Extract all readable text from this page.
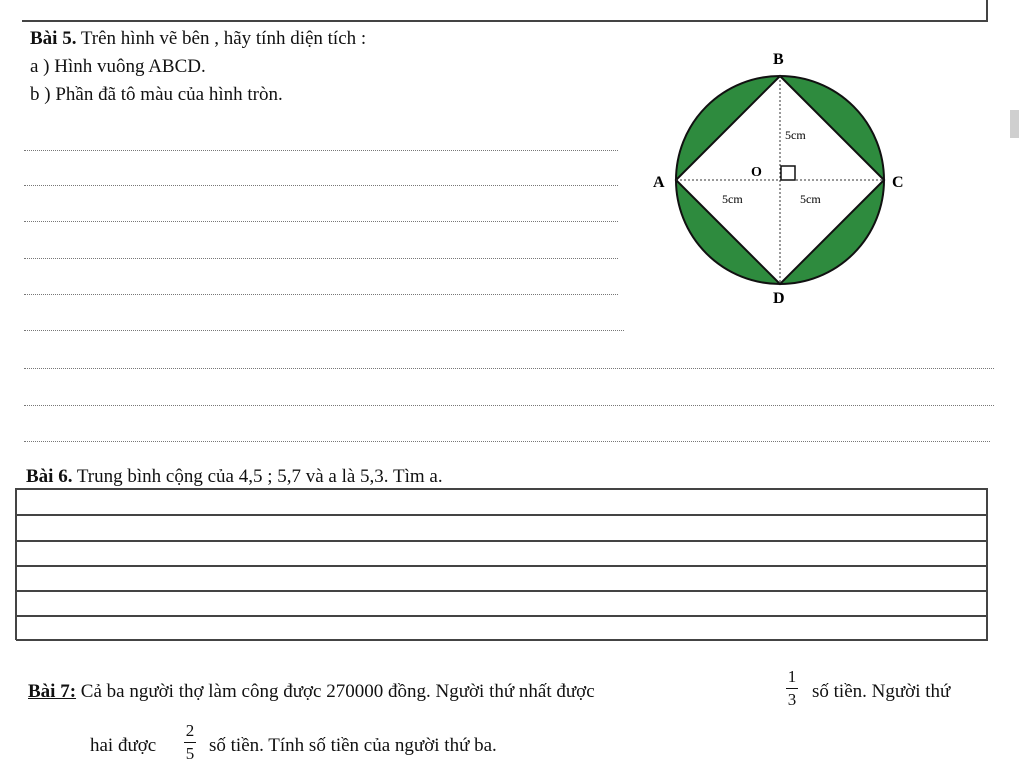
Bài 5. Trên hình vẽ bên , hãy tính diện tích :
a ) Hình vuông ABCD.
b ) Phần đã tô màu của hình tròn.
B
A	C
D
O
5cm
5cm	5cm
Bài 6. Trung bình cộng của 4,5 ; 5,7 và a là 5,3. Tìm a.
Bài 7: Cả ba người thợ làm công được 270000 đồng. Người thứ nhất được
1
3 số tiền. Người thứ
hai được
2
5 số tiền. Tính số tiền của người thứ ba.
